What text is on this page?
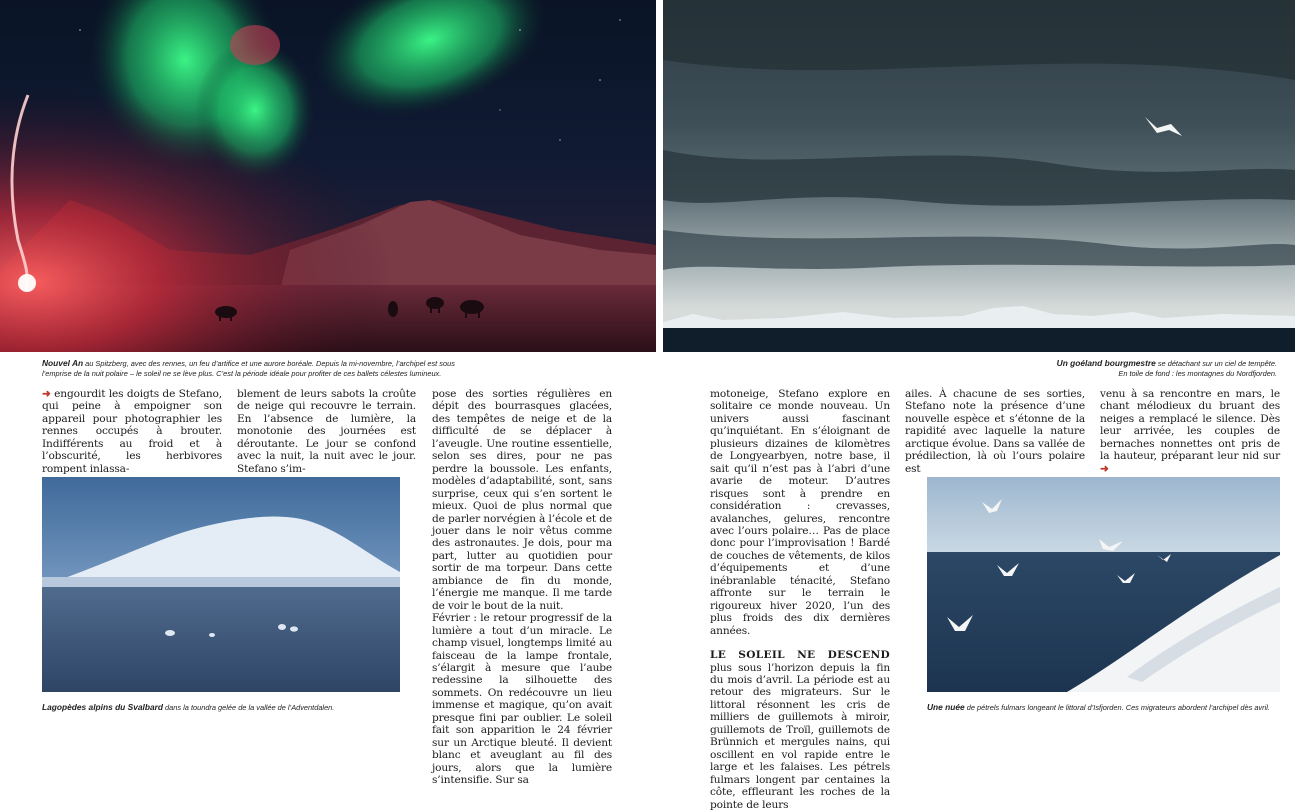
Nouvel An au Spitzberg, avec des rennes, un feu d’artifice et une aurore boréale. Depuis la mi-novembre, l’archipel est sous l’emprise de la nuit polaire – le soleil ne se lève plus. C’est la période idéale pour profiter de ces ballets célestes lumineux.
Un goéland bourgmestre se détachant sur un ciel de tempête.
En toile de fond : les montagnes du Nordfjorden.

➜ engourdit les doigts de Stefano, qui peine à empoigner son appareil pour photographier les rennes occupés à brouter. Indifférents au froid et à l’obscurité, les herbivores rompent inlassa-

blement de leurs sabots la croûte de neige qui recouvre le terrain. En l’absence de lumière, la monotonie des journées est déroutante. Le jour se confond avec la nuit, la nuit avec le jour. Stefano s’im-

pose des sorties régulières en dépit des bourrasques glacées, des tempêtes de neige et de la difficulté de se déplacer à l’aveugle. Une routine essentielle, selon ses dires, pour ne pas perdre la boussole. Les enfants, modèles d’adaptabilité, sont, sans surprise, ceux qui s’en sortent le mieux. Quoi de plus normal que de parler norvégien à l’école et de jouer dans le noir vêtus comme des astronautes. Je dois, pour ma part, lutter au quotidien pour sortir de ma torpeur. Dans cette ambiance de fin du monde, l’énergie me manque. Il me tarde de voir le bout de la nuit.

Février : le retour progressif de la lumière a tout d’un miracle. Le champ visuel, longtemps limité au faisceau de la lampe frontale, s’élargit à mesure que l’aube redessine la silhouette des sommets. On redécouvre un lieu immense et magique, qu’on avait presque fini par oublier. Le soleil fait son apparition le 24 février sur un Arctique bleuté. Il devient blanc et aveuglant au fil des jours, alors que la lumière s’intensifie. Sur sa

Lagopèdes alpins du Svalbard dans la toundra gelée de la vallée de l’Adventdalen.

motoneige, Stefano explore en solitaire ce monde nouveau. Un univers aussi fascinant qu’inquiétant. En s’éloignant de plusieurs dizaines de kilomètres de Longyearbyen, notre base, il sait qu’il n’est pas à l’abri d’une avarie de moteur. D’autres risques sont à prendre en considération : crevasses, avalanches, gelures, rencontre avec l’ours polaire… Pas de place donc pour l’improvisation ! Bardé de couches de vêtements, de kilos d’équipements et d’une inébranlable ténacité, Stefano affronte sur le terrain le rigoureux hiver 2020, l’un des plus froids des dix dernières années.

LE SOLEIL NE DESCEND plus sous l’horizon depuis la fin du mois d’avril. La période est au retour des migrateurs. Sur le littoral résonnent les cris de milliers de guillemots à miroir, guillemots de Troïl, guillemots de Brünnich et mergules nains, qui oscillent en vol rapide entre le large et les falaises. Les pétrels fulmars longent par centaines la côte, effleurant les roches de la pointe de leurs

ailes. À chacune de ses sorties, Stefano note la présence d’une nouvelle espèce et s’étonne de la rapidité avec laquelle la nature arctique évolue. Dans sa vallée de prédilection, là où l’ours polaire est

venu à sa rencontre en mars, le chant mélodieux du bruant des neiges a remplacé le silence. Dès leur arrivée, les couples de bernaches nonnettes ont pris de la hauteur, préparant leur nid sur ➜

Une nuée de pétrels fulmars longeant le littoral d’Isfjorden. Ces migrateurs abordent l’archipel dès avril.
